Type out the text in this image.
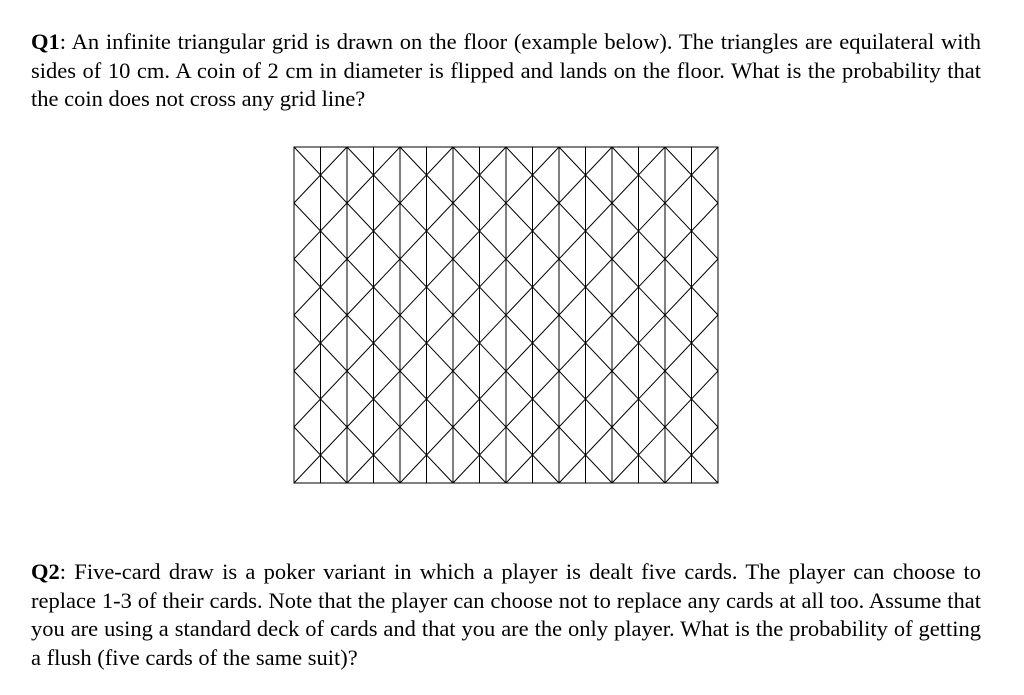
Q1: An infinite triangular grid is drawn on the floor (example below). The triangles are equilateral with sides of 10 cm. A coin of 2 cm in diameter is flipped and lands on the floor. What is the probability that the coin does not cross any grid line?

Q2: Five-card draw is a poker variant in which a player is dealt five cards. The player can choose to replace 1-3 of their cards. Note that the player can choose not to replace any cards at all too. Assume that you are using a standard deck of cards and that you are the only player. What is the probability of getting a flush (five cards of the same suit)?
